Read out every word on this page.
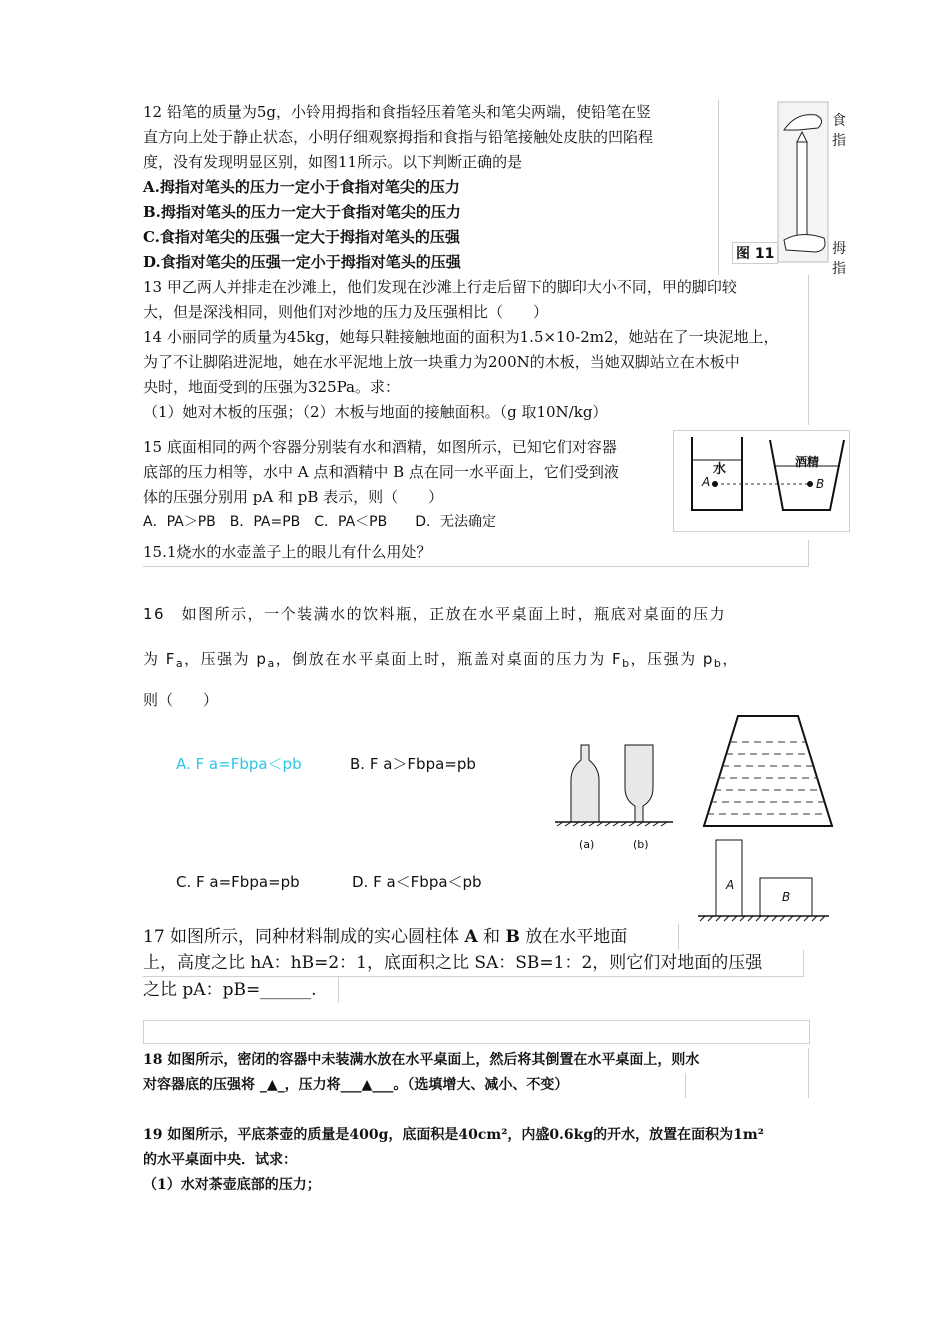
12 铅笔的质量为5g，小铃用拇指和食指轻压着笔头和笔尖两端，使铅笔在竖
直方向上处于静止状态，小明仔细观察拇指和食指与铅笔接触处皮肤的凹陷程
度，没有发现明显区别，如图11所示。以下判断正确的是
A.拇指对笔头的压力一定小于食指对笔尖的压力
B.拇指对笔头的压力一定大于食指对笔尖的压力
C.食指对笔尖的压强一定大于拇指对笔头的压强
D.食指对笔尖的压强一定小于拇指对笔头的压强
食指
拇指
图 11
13 甲乙两人并排走在沙滩上，他们发现在沙滩上行走后留下的脚印大小不同，甲的脚印较
大，但是深浅相同，则他们对沙地的压力及压强相比（　　）
14 小丽同学的质量为45kg，她每只鞋接触地面的面积为1.5×10-2m2，她站在了一块泥地上，
为了不让脚陷进泥地，她在水平泥地上放一块重力为200N的木板，当她双脚站立在木板中
央时，地面受到的压强为325Pa。求：
（1）她对木板的压强；（2）木板与地面的接触面积。（g 取10N/kg）
15 底面相同的两个容器分别装有水和酒精，如图所示，已知它们对容器
底部的压力相等，水中 A 点和酒精中 B 点在同一水平面上，它们受到液
体的压强分别用 pA 和 pB 表示，则（　　）
A．PA＞PB　B．PA=PB　C．PA＜PB　　D．无法确定
水	酒精
A	B
15.1烧水的水壶盖子上的眼儿有什么用处？
16　如图所示，一个装满水的饮料瓶，正放在水平桌面上时，瓶底对桌面的压力
为 $F_a$，压强为 $p_a$，倒放在水平桌面上时，瓶盖对桌面的压力为 $F_b$，压强为 $p_b$，
则（　　）
A. F a=Fbpa＜pb	B. F a＞Fbpa=pb
C. F a=Fbpa=pb	D. F a＜Fbpa＜pb
(a)	(b)
A
B
17 如图所示，同种材料制成的实心圆柱体 A 和 B 放在水平地面
上，高度之比 hA：hB=2：1，底面积之比 SA：SB=1：2，则它们对地面的压强
之比 pA：pB=______.
18 如图所示，密闭的容器中未装满水放在水平桌面上，然后将其倒置在水平桌面上，则水
对容器底的压强将 _▲_，压力将___▲___。（选填增大、减小、不变）
19 如图所示，平底茶壶的质量是400g，底面积是40cm²，内盛0.6kg的开水，放置在面积为1m²
的水平桌面中央．试求：
（1）水对茶壶底部的压力；
